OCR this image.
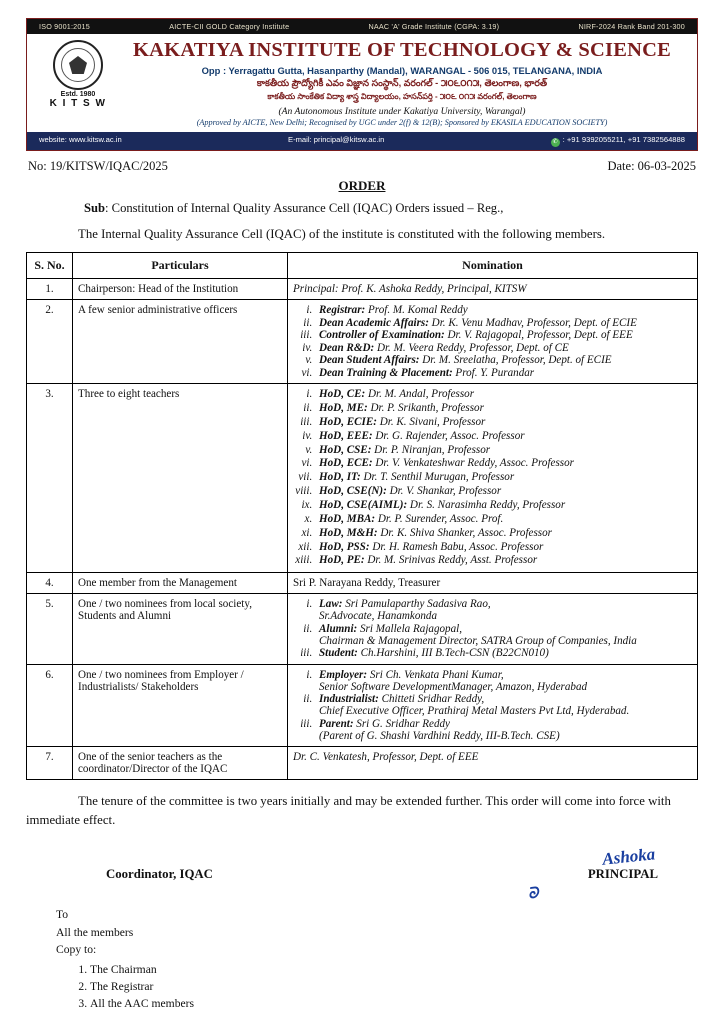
ISO 9001:2015	AICTE-CII GOLD Category Institute	NAAC 'A' Grade Institute (CGPA: 3.19)	NIRF-2024 Rank Band 201-300
Estd. 1980
K I T S W
KAKATIYA INSTITUTE OF TECHNOLOGY & SCIENCE
Opp : Yerragattu Gutta, Hasanparthy (Mandal), WARANGAL - 506 015, TELANGANA, INDIA
కాకతీయ ప్రౌద్యోగికీ ఎవం విజ్ఞాన సంస్థాన్, వరంగల్ - ౫౦౬౦౧౫, తెలంగాణ, భారత్
కాకతీయ సాంకేతిక విద్యా శాస్త్ర విద్యాలయం, హసన్‌పర్తి - ౫౦౬ ౦౧౫ వరంగల్, తెలంగాణ
(An Autonomous Institute under Kakatiya University, Warangal)
(Approved by AICTE, New Delhi; Recognised by UGC under 2(f) & 12(B); Sponsored by EKASILA EDUCATION SOCIETY)
website: www.kitsw.ac.in	E-mail: principal@kitsw.ac.in	✆ : +91 9392055211, +91 7382564888
No: 19/KITSW/IQAC/2025	Date: 06-03-2025
ORDER
Sub: Constitution of Internal Quality Assurance Cell (IQAC) Orders issued – Reg.,
The Internal Quality Assurance Cell (IQAC) of the institute is constituted with the following members.
S. No.	Particulars	Nomination
1.	Chairperson: Head of the Institution	Principal: Prof. K. Ashoka Reddy, Principal, KITSW
2.	A few senior administrative officers	
i.Registrar: Prof. M. Komal Reddy
ii. Dean Academic Affairs: Dr. K. Venu Madhav, Professor, Dept. of ECIE
iii. Controller of Examination: Dr. V. Rajagopal, Professor, Dept. of EEE
iv. Dean R&D: Dr. M. Veera Reddy, Professor, Dept. of CE
v. Dean Student Affairs: Dr. M. Sreelatha, Professor, Dept. of ECIE
vi. Dean Training & Placement: Prof. Y. Purandar

3.	Three to eight teachers	
i.HoD, CE: Dr. M. Andal, Professor
ii. HoD, ME: Dr. P. Srikanth, Professor
iii. HoD, ECIE: Dr. K. Sivani, Professor
iv. HoD, EEE: Dr. G. Rajender, Assoc. Professor
v. HoD, CSE: Dr. P. Niranjan, Professor
vi. HoD, ECE: Dr. V. Venkateshwar Reddy, Assoc. Professor
vii. HoD, IT: Dr. T. Senthil Murugan, Professor
viii. HoD, CSE(N): Dr. V. Shankar, Professor
ix. HoD, CSE(AIML): Dr. S. Narasimha Reddy, Professor
x. HoD, MBA: Dr. P. Surender, Assoc. Prof.
xi. HoD, M&H: Dr. K. Shiva Shanker, Assoc. Professor
xii. HoD, PSS: Dr. H. Ramesh Babu, Assoc. Professor
xiii. HoD, PE: Dr. M. Srinivas Reddy, Asst. Professor

4.	One member from the Management	Sri P. Narayana Reddy, Treasurer
5.	One / two nominees from local society, Students and Alumni	
i. Law: Sri Pamulaparthy Sadasiva Rao,
Sr.Advocate, Hanamkonda
ii. Alumni: Sri Mallela Rajagopal,
Chairman & Management Director, SATRA Group of Companies, India
iii. Student: Ch.Harshini, III B.Tech-CSN (B22CN010)

6.	One / two nominees from Employer / Industrialists/ Stakeholders	
i. Employer: Sri Ch. Venkata Phani Kumar,
Senior Software DevelopmentManager, Amazon, Hyderabad
ii. Industrialist: Chitteti Sridhar Reddy,
Chief Executive Officer, Prathiraj Metal Masters Pvt Ltd, Hyderabad.
iii. Parent: Sri G. Sridhar Reddy
(Parent of G. Shashi Vardhini Reddy, III-B.Tech. CSE)

7.	One of the senior teachers as the coordinator/Director of the IQAC	Dr. C. Venkatesh, Professor, Dept. of EEE
The tenure of the committee is two years initially and may be extended further. This order will come into force with immediate effect.
Coordinator, IQAC
Ashoka
ᘐ
PRINCIPAL
To
All the members
Copy to:
1. The Chairman
2. The Registrar
3. All the AAC members
